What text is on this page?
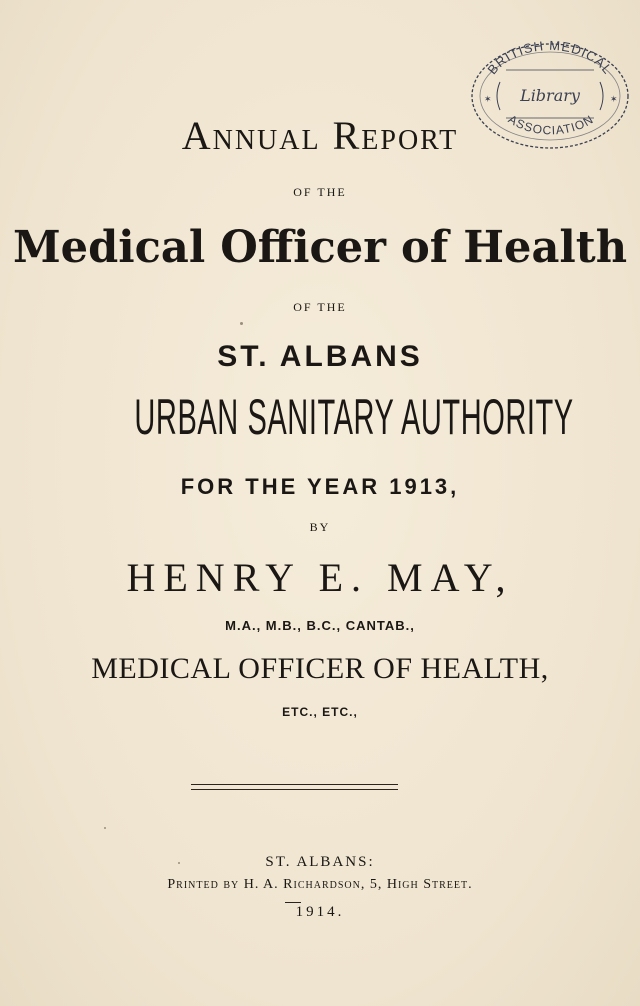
BRITISH MEDICAL
ASSOCIATION
Library
✶	✶
Annual Report
OF THE
Medical Officer of Health
OF THE
ST. ALBANS
URBAN SANITARY AUTHORITY
FOR THE YEAR 1913,
BY
HENRY E. MAY,
M.A., M.B., B.C., CANTAB.,
MEDICAL OFFICER OF HEALTH,
ETC., ETC.,
ST. ALBANS:
Printed by H. A. Richardson, 5, High Street.
1914.
